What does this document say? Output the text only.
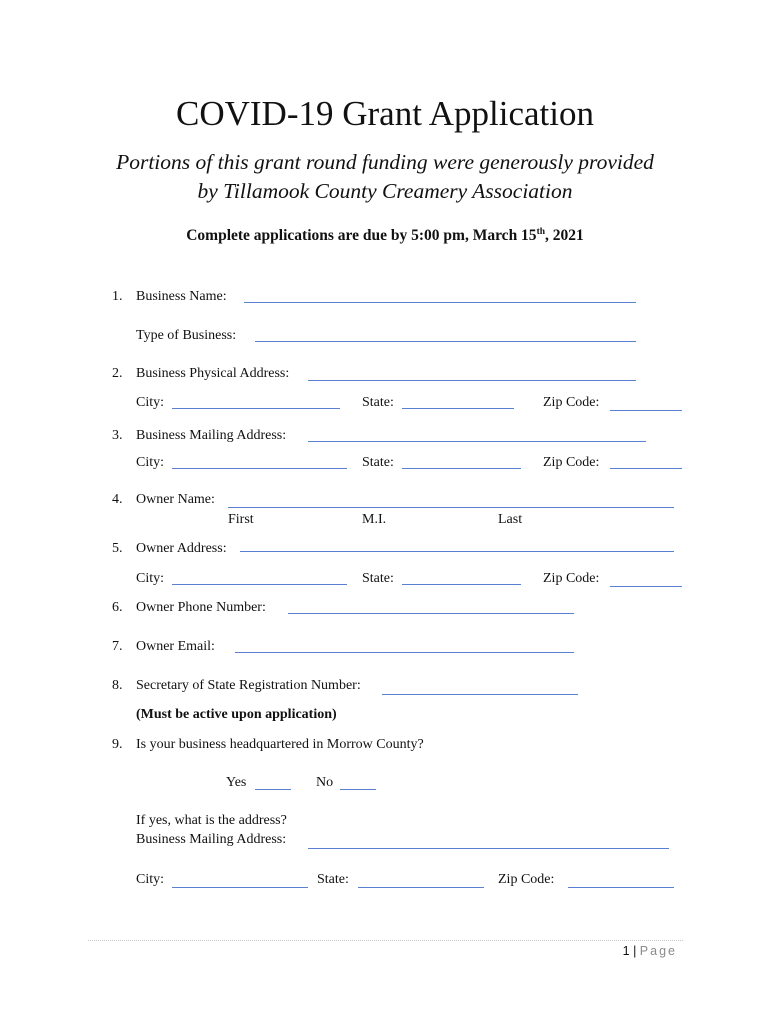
COVID-19 Grant Application
Portions of this grant round funding were generously provided
by Tillamook County Creamery Association
Complete applications are due by 5:00 pm, March 15th, 2021
1. Business Name:
Type of Business:
2. Business Physical Address:
City:	State:	Zip Code:
3. Business Mailing Address:
City:	State:	Zip Code:
4. Owner Name:
First	M.I.	Last
5. Owner Address:
City:	State:	Zip Code:
6. Owner Phone Number:
7. Owner Email:
8. Secretary of State Registration Number:
(Must be active upon application)
9. Is your business headquartered in Morrow County?
Yes	No
If yes, what is the address?
Business Mailing Address:
City:	State:	Zip Code:
1 | Page
